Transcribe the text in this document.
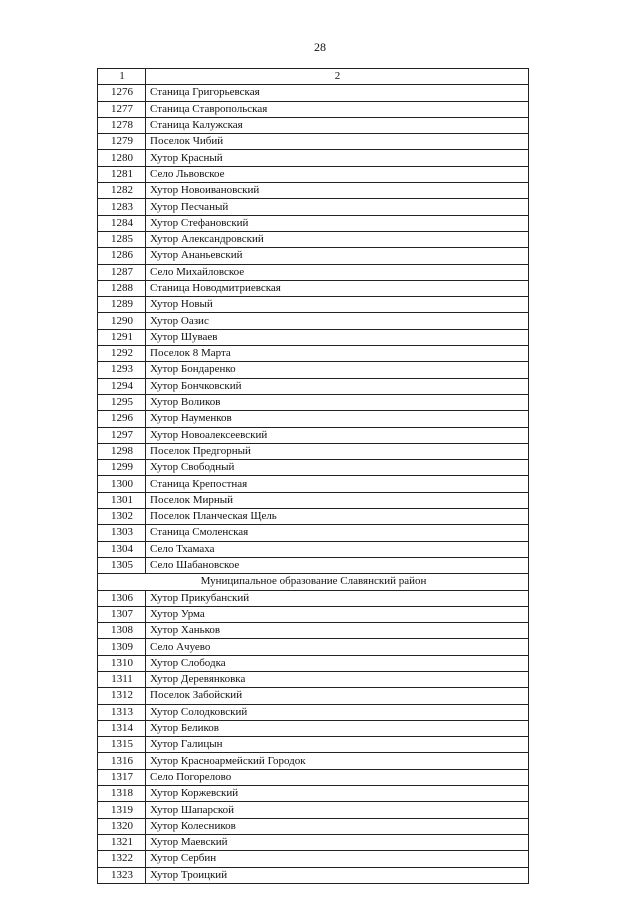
28
1	2
1276	Станица Григорьевская
1277	Станица Ставропольская
1278	Станица Калужская
1279	Поселок Чибий
1280	Хутор Красный
1281	Село Львовское
1282	Хутор Новоивановский
1283	Хутор Песчаный
1284	Хутор Стефановский
1285	Хутор Александровский
1286	Хутор Ананьевский
1287	Село Михайловское
1288	Станица Новодмитриевская
1289	Хутор Новый
1290	Хутор Оазис
1291	Хутор Шуваев
1292	Поселок 8 Марта
1293	Хутор Бондаренко
1294	Хутор Бончковский
1295	Хутор Воликов
1296	Хутор Науменков
1297	Хутор Новоалексеевский
1298	Поселок Предгорный
1299	Хутор Свободный
1300	Станица Крепостная
1301	Поселок Мирный
1302	Поселок Планческая Щель
1303	Станица Смоленская
1304	Село Тхамаха
1305	Село Шабановское
Муниципальное образование Славянский район	
1306	Хутор Прикубанский
1307	Хутор Урма
1308	Хутор Ханьков
1309	Село Ачуево
1310	Хутор Слободка
1311	Хутор Деревянковка
1312	Поселок Забойский
1313	Хутор Солодковский
1314	Хутор Беликов
1315	Хутор Галицын
1316	Хутор Красноармейский Городок
1317	Село Погорелово
1318	Хутор Коржевский
1319	Хутор Шапарской
1320	Хутор Колесников
1321	Хутор Маевский
1322	Хутор Сербин
1323	Хутор Троицкий
